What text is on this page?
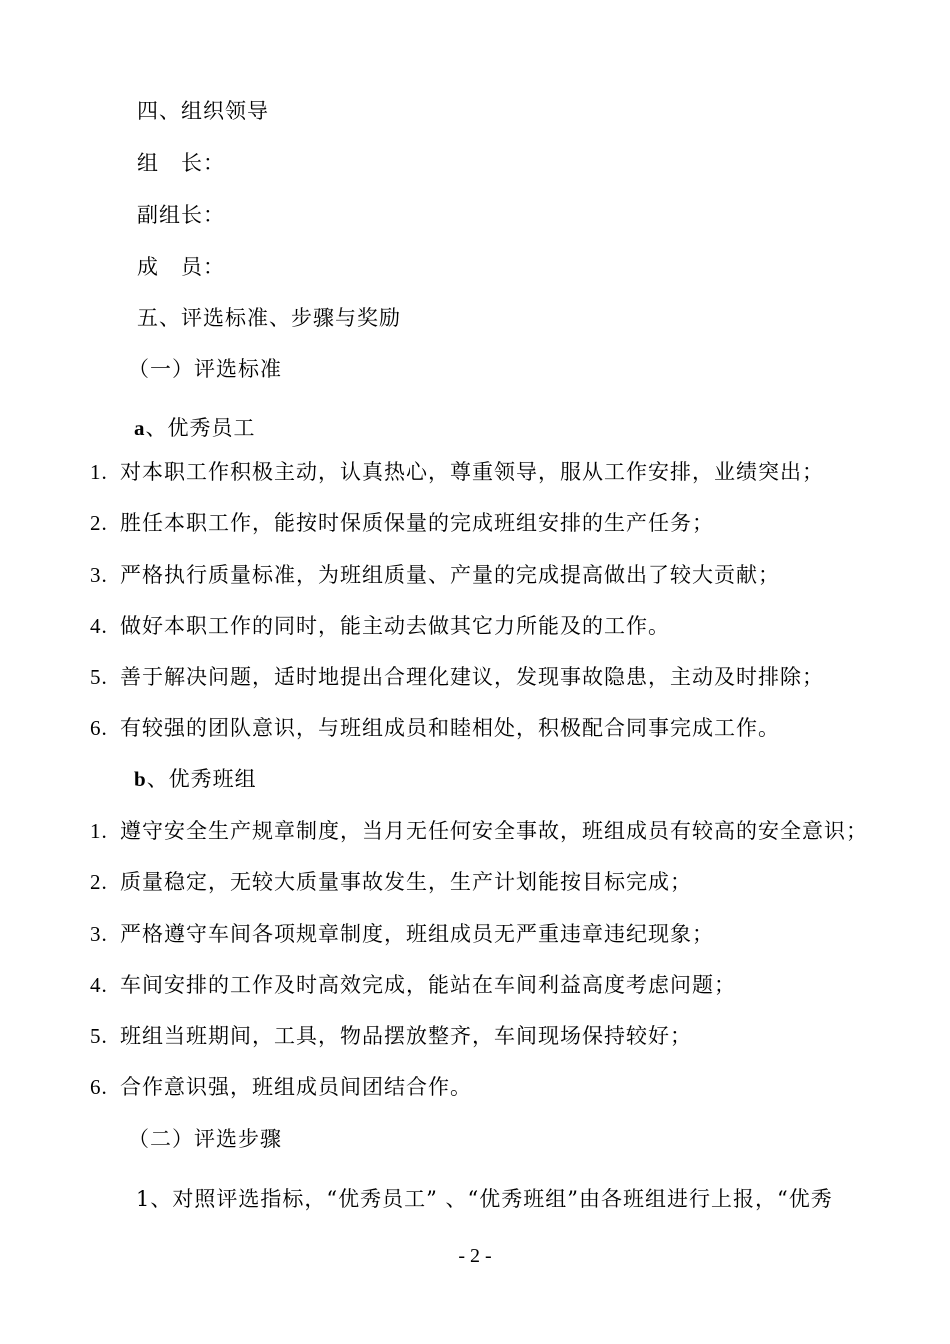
四、组织领导
组　长：
副组长：
成　员：
五、评选标准、步骤与奖励
（一）评选标准
a、优秀员工
1. 对本职工作积极主动，认真热心，尊重领导，服从工作安排，业绩突出；
2. 胜任本职工作，能按时保质保量的完成班组安排的生产任务；
3. 严格执行质量标准，为班组质量、产量的完成提高做出了较大贡献；
4. 做好本职工作的同时，能主动去做其它力所能及的工作。
5. 善于解决问题，适时地提出合理化建议，发现事故隐患，主动及时排除；
6. 有较强的团队意识，与班组成员和睦相处，积极配合同事完成工作。
b、优秀班组
1. 遵守安全生产规章制度，当月无任何安全事故，班组成员有较高的安全意识；
2. 质量稳定，无较大质量事故发生，生产计划能按目标完成；
3. 严格遵守车间各项规章制度，班组成员无严重违章违纪现象；
4. 车间安排的工作及时高效完成，能站在车间利益高度考虑问题；
5. 班组当班期间，工具，物品摆放整齐，车间现场保持较好；
6. 合作意识强，班组成员间团结合作。
（二）评选步骤
1、对照评选指标，“优秀员工” 、“优秀班组”由各班组进行上报，“优秀
- 2 -
